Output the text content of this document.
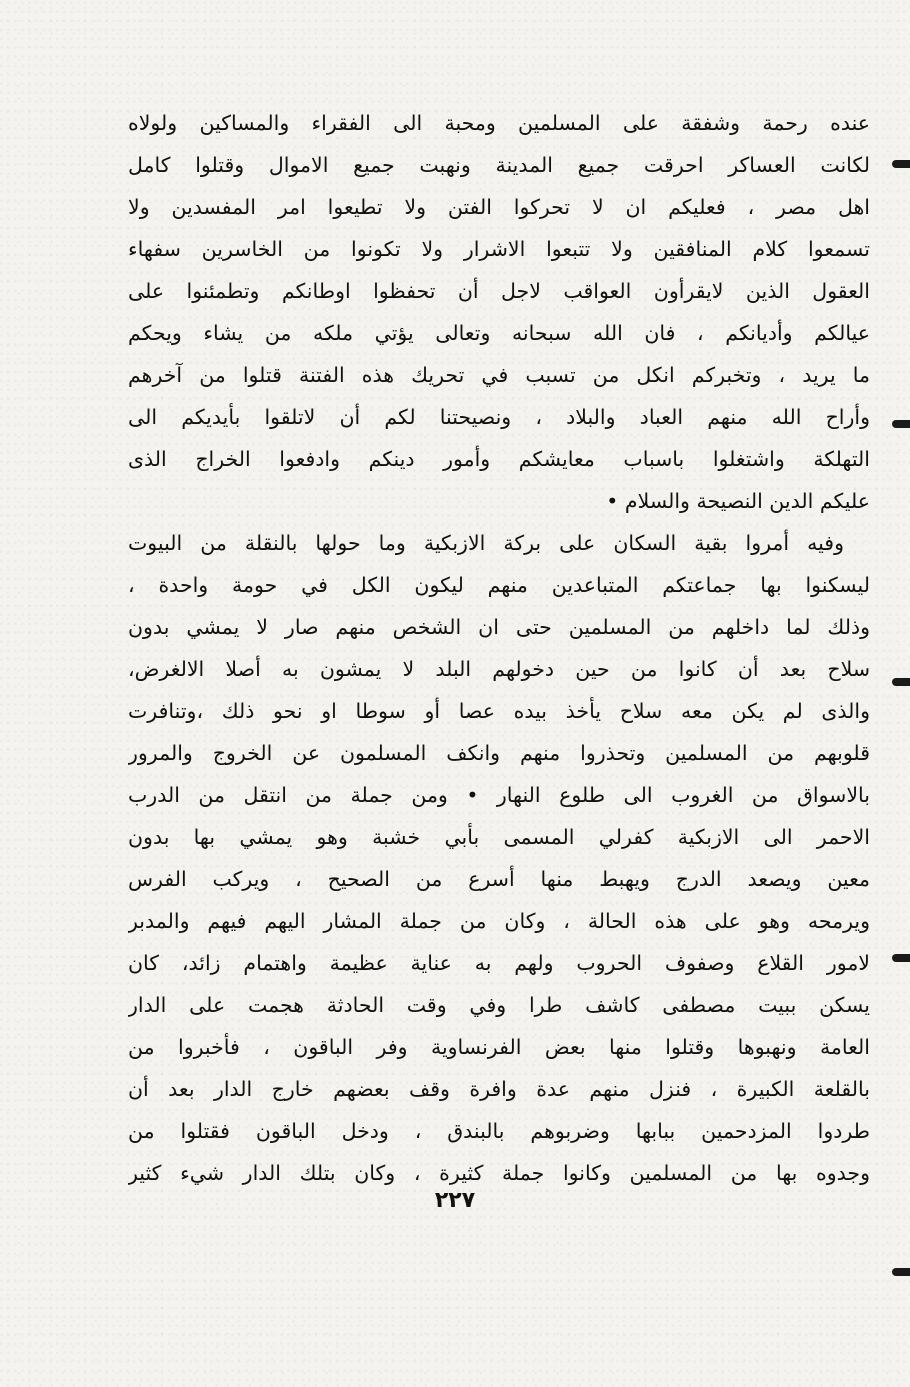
عنده رحمة وشفقة على المسلمين ومحبة الى الفقراء والمساكين ولولاه
لكانت العساكر احرقت جميع المدينة ونهبت جميع الاموال وقتلوا كامل
اهل مصر ، فعليكم ان لا تحركوا الفتن ولا تطيعوا امر المفسدين ولا
تسمعوا كلام المنافقين ولا تتبعوا الاشرار ولا تكونوا من الخاسرين سفهاء
العقول الذين لايقرأون العواقب لاجل أن تحفظوا اوطانكم وتطمئنوا على
عيالكم وأديانكم ، فان الله سبحانه وتعالى يؤتي ملكه من يشاء ويحكم
ما يريد ، وتخبركم انكل من تسبب في تحريك هذه الفتنة قتلوا من آخرهم
وأراح الله منهم العباد والبلاد ، ونصيحتنا لكم أن لاتلقوا بأيديكم الى
التهلكة واشتغلوا باسباب معايشكم وأمور دينكم وادفعوا الخراج الذى
عليكم الدين النصيحة والسلام •
وفيه أمروا بقية السكان على بركة الازبكية وما حولها بالنقلة من البيوت
ليسكنوا بها جماعتكم المتباعدين منهم ليكون الكل في حومة واحدة ،
وذلك لما داخلهم من المسلمين حتى ان الشخص منهم صار لا يمشي بدون
سلاح بعد أن كانوا من حين دخولهم البلد لا يمشون به أصلا الالغرض،
والذى لم يكن معه سلاح يأخذ بيده عصا أو سوطا او نحو ذلك ،وتنافرت
قلوبهم من المسلمين وتحذروا منهم وانكف المسلمون عن الخروج والمرور
بالاسواق من الغروب الى طلوع النهار • ومن جملة من انتقل من الدرب
الاحمر الى الازبكية كفرلي المسمى بأبي خشبة وهو يمشي بها بدون
معين ويصعد الدرج ويهبط منها أسرع من الصحيح ، ويركب الفرس
ويرمحه وهو على هذه الحالة ، وكان من جملة المشار اليهم فيهم والمدبر
لامور القلاع وصفوف الحروب ولهم به عناية عظيمة واهتمام زائد، كان
يسكن ببيت مصطفى كاشف طرا وفي وقت الحادثة هجمت على الدار
العامة ونهبوها وقتلوا منها بعض الفرنساوية وفر الباقون ، فأخبروا من
بالقلعة الكبيرة ، فنزل منهم عدة وافرة وقف بعضهم خارج الدار بعد أن
طردوا المزدحمين ببابها وضربوهم بالبندق ، ودخل الباقون فقتلوا من
وجدوه بها من المسلمين وكانوا جملة كثيرة ، وكان بتلك الدار شيء كثير
٢٢٧
